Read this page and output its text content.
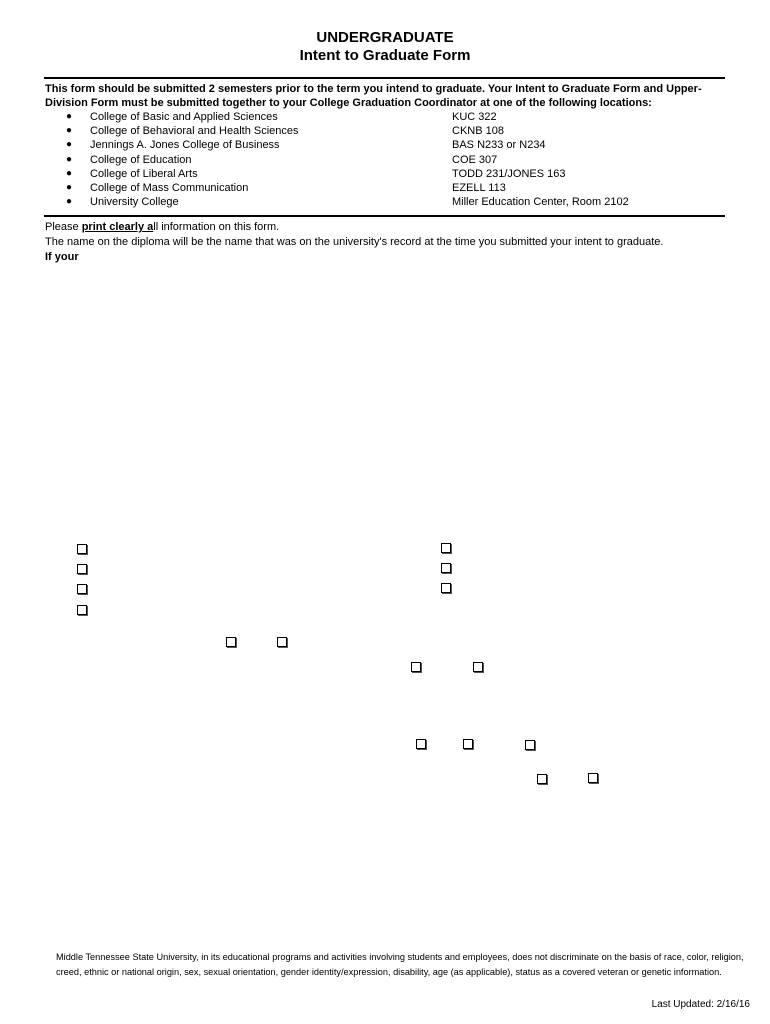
UNDERGRADUATE
Intent to Graduate Form
This form should be submitted 2 semesters prior to the term you intend to graduate. Your Intent to Graduate Form and Upper-
Division Form must be submitted together to your College Graduation Coordinator at one of the following locations:
● College of Basic and Applied Sciences	KUC 322
● College of Behavioral and Health Sciences	CKNB 108
● Jennings A. Jones College of Business	BAS N233 or N234
● College of Education	COE 307
● College of Liberal Arts	TODD 231/JONES 163
● College of Mass Communication	EZELL 113
● University College	Miller Education Center, Room 2102
Please print clearly all information on this form.
The name on the diploma will be the name that was on the university's record at the time you submitted your intent to graduate.
If your
Middle Tennessee State University, in its educational programs and activities involving students and employees, does not discriminate on the basis of race, color, religion, creed, ethnic or national origin, sex, sexual orientation, gender identity/expression, disability, age (as applicable), status as a covered veteran or genetic information.
Last Updated: 2/16/16
